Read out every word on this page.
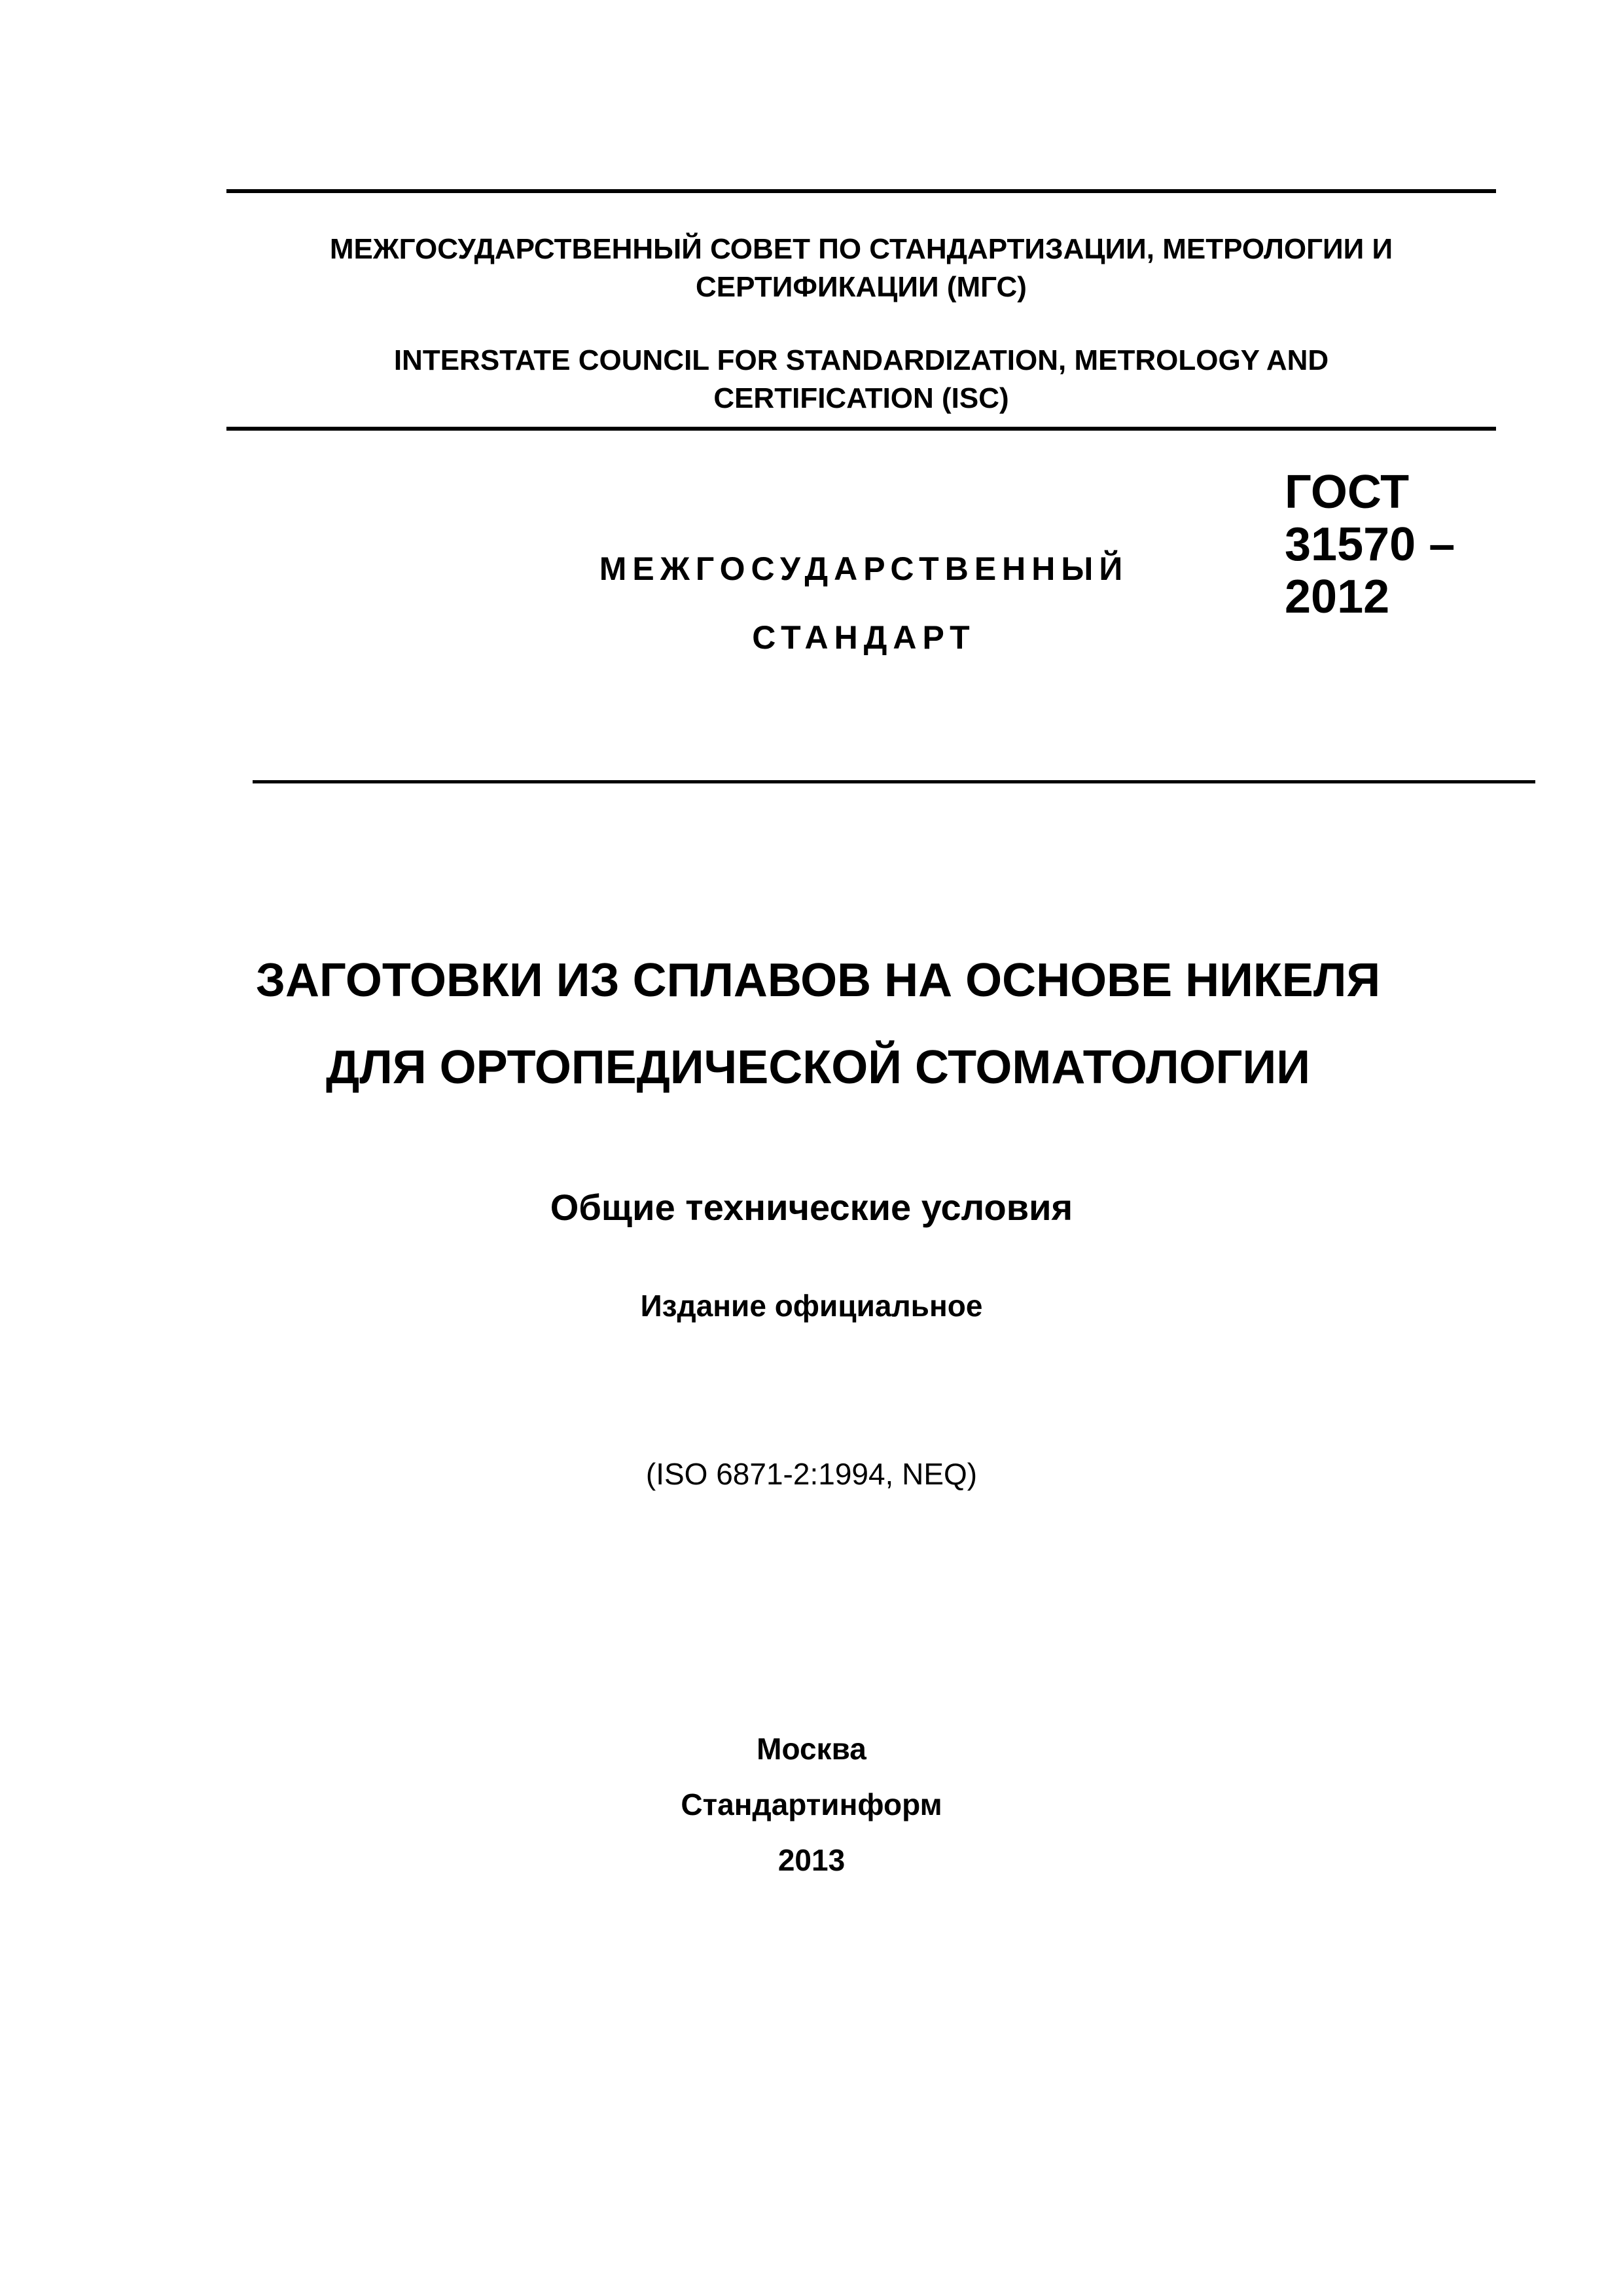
МЕЖГОСУДАРСТВЕННЫЙ СОВЕТ ПО СТАНДАРТИЗАЦИИ, МЕТРОЛОГИИ И

СЕРТИФИКАЦИИ (МГС)

INTERSTATE COUNCIL FOR STANDARDIZATION, METROLOGY AND

CERTIFICATION (ISC)

МЕЖГОСУДАРСТВЕННЫЙ

СТАНДАРТ

ГОСТ
31570 –
2012

ЗАГОТОВКИ ИЗ СПЛАВОВ НА ОСНОВЕ НИКЕЛЯ

ДЛЯ ОРТОПЕДИЧЕСКОЙ СТОМАТОЛОГИИ

Общие технические условия

Издание официальное

(ISO 6871-2:1994, NEQ)

Москва

Стандартинформ

2013
